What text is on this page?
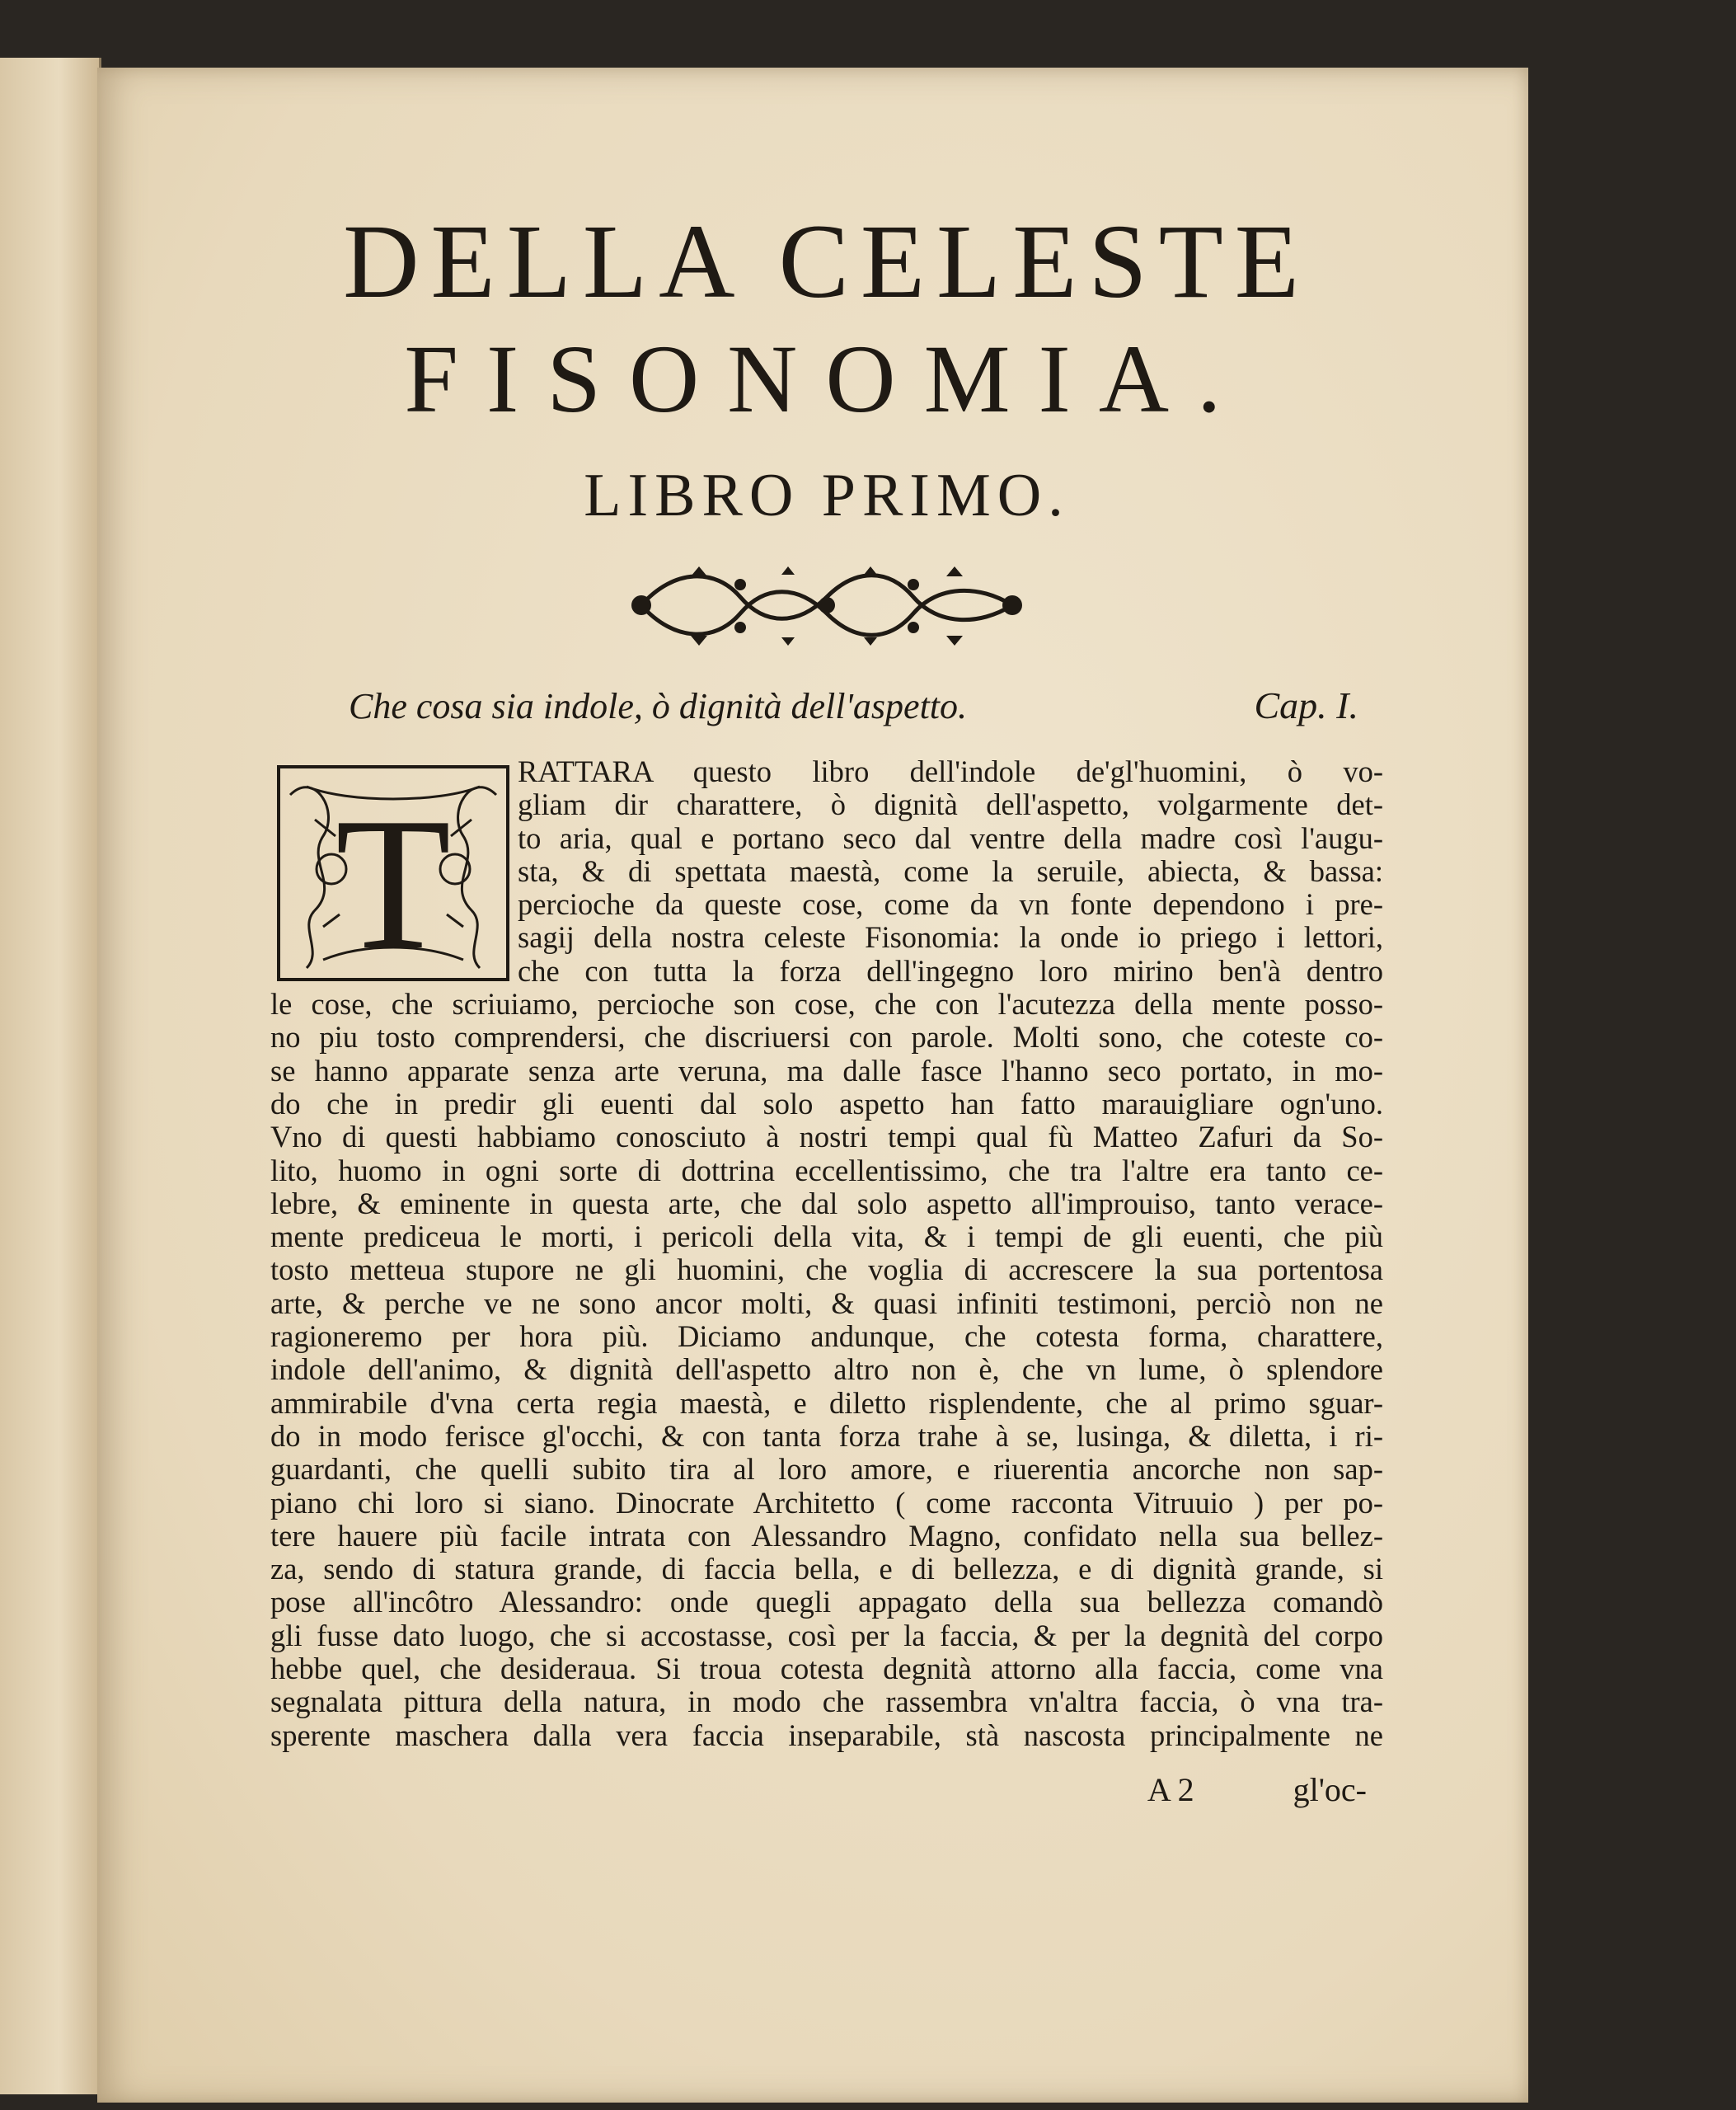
DELLA CELESTE
FISONOMIA.
LIBRO PRIMO.
Che cosa sia indole, ò dignità dell'aspetto.	Cap. I.
T

RATTARA questo libro dell'indole de'gl'huomini, ò vo-
gliam dir charattere, ò dignità dell'aspetto, volgarmente det-
to aria, qual e portano seco dal ventre della madre così l'augu-
sta, & di spettata maestà, come la seruile, abiecta, & bassa:
percioche da queste cose, come da vn fonte dependono i pre-
sagij della nostra celeste Fisonomia: la onde io priego i lettori,
che con tutta la forza dell'ingegno loro mirino ben'à dentro
le cose, che scriuiamo, percioche son cose, che con l'acutezza della mente posso-
no piu tosto comprendersi, che discriuersi con parole. Molti sono, che coteste co-
se hanno apparate senza arte veruna, ma dalle fasce l'hanno seco portato, in mo-
do che in predir gli euenti dal solo aspetto han fatto marauigliare ogn'uno.
Vno di questi habbiamo conosciuto à nostri tempi qual fù Matteo Zafuri da So-
lito, huomo in ogni sorte di dottrina eccellentissimo, che tra l'altre era tanto ce-
lebre, & eminente in questa arte, che dal solo aspetto all'improuiso, tanto verace-
mente prediceua le morti, i pericoli della vita, & i tempi de gli euenti, che più
tosto metteua stupore ne gli huomini, che voglia di accrescere la sua portentosa
arte, & perche ve ne sono ancor molti, & quasi infiniti testimoni, perciò non ne
ragioneremo per hora più. Diciamo andunque, che cotesta forma, charattere,
indole dell'animo, & dignità dell'aspetto altro non è, che vn lume, ò splendore
ammirabile d'vna certa regia maestà, e diletto risplendente, che al primo sguar-
do in modo ferisce gl'occhi, & con tanta forza trahe à se, lusinga, & diletta, i ri-
guardanti, che quelli subito tira al loro amore, e riuerentia ancorche non sap-
piano chi loro si siano. Dinocrate Architetto ( come racconta Vitruuio ) per po-
tere hauere più facile intrata con Alessandro Magno, confidato nella sua bellez-
za, sendo di statura grande, di faccia bella, e di bellezza, e di dignità grande, si
pose all'incôtro Alessandro: onde quegli appagato della sua bellezza comandò
gli fusse dato luogo, che si accostasse, così per la faccia, & per la degnità del corpo
hebbe quel, che desideraua. Si troua cotesta degnità attorno alla faccia, come vna
segnalata pittura della natura, in modo che rassembra vn'altra faccia, ò vna tra-
sperente maschera dalla vera faccia inseparabile, stà nascosta principalmente ne

A 2	gl'oc-
